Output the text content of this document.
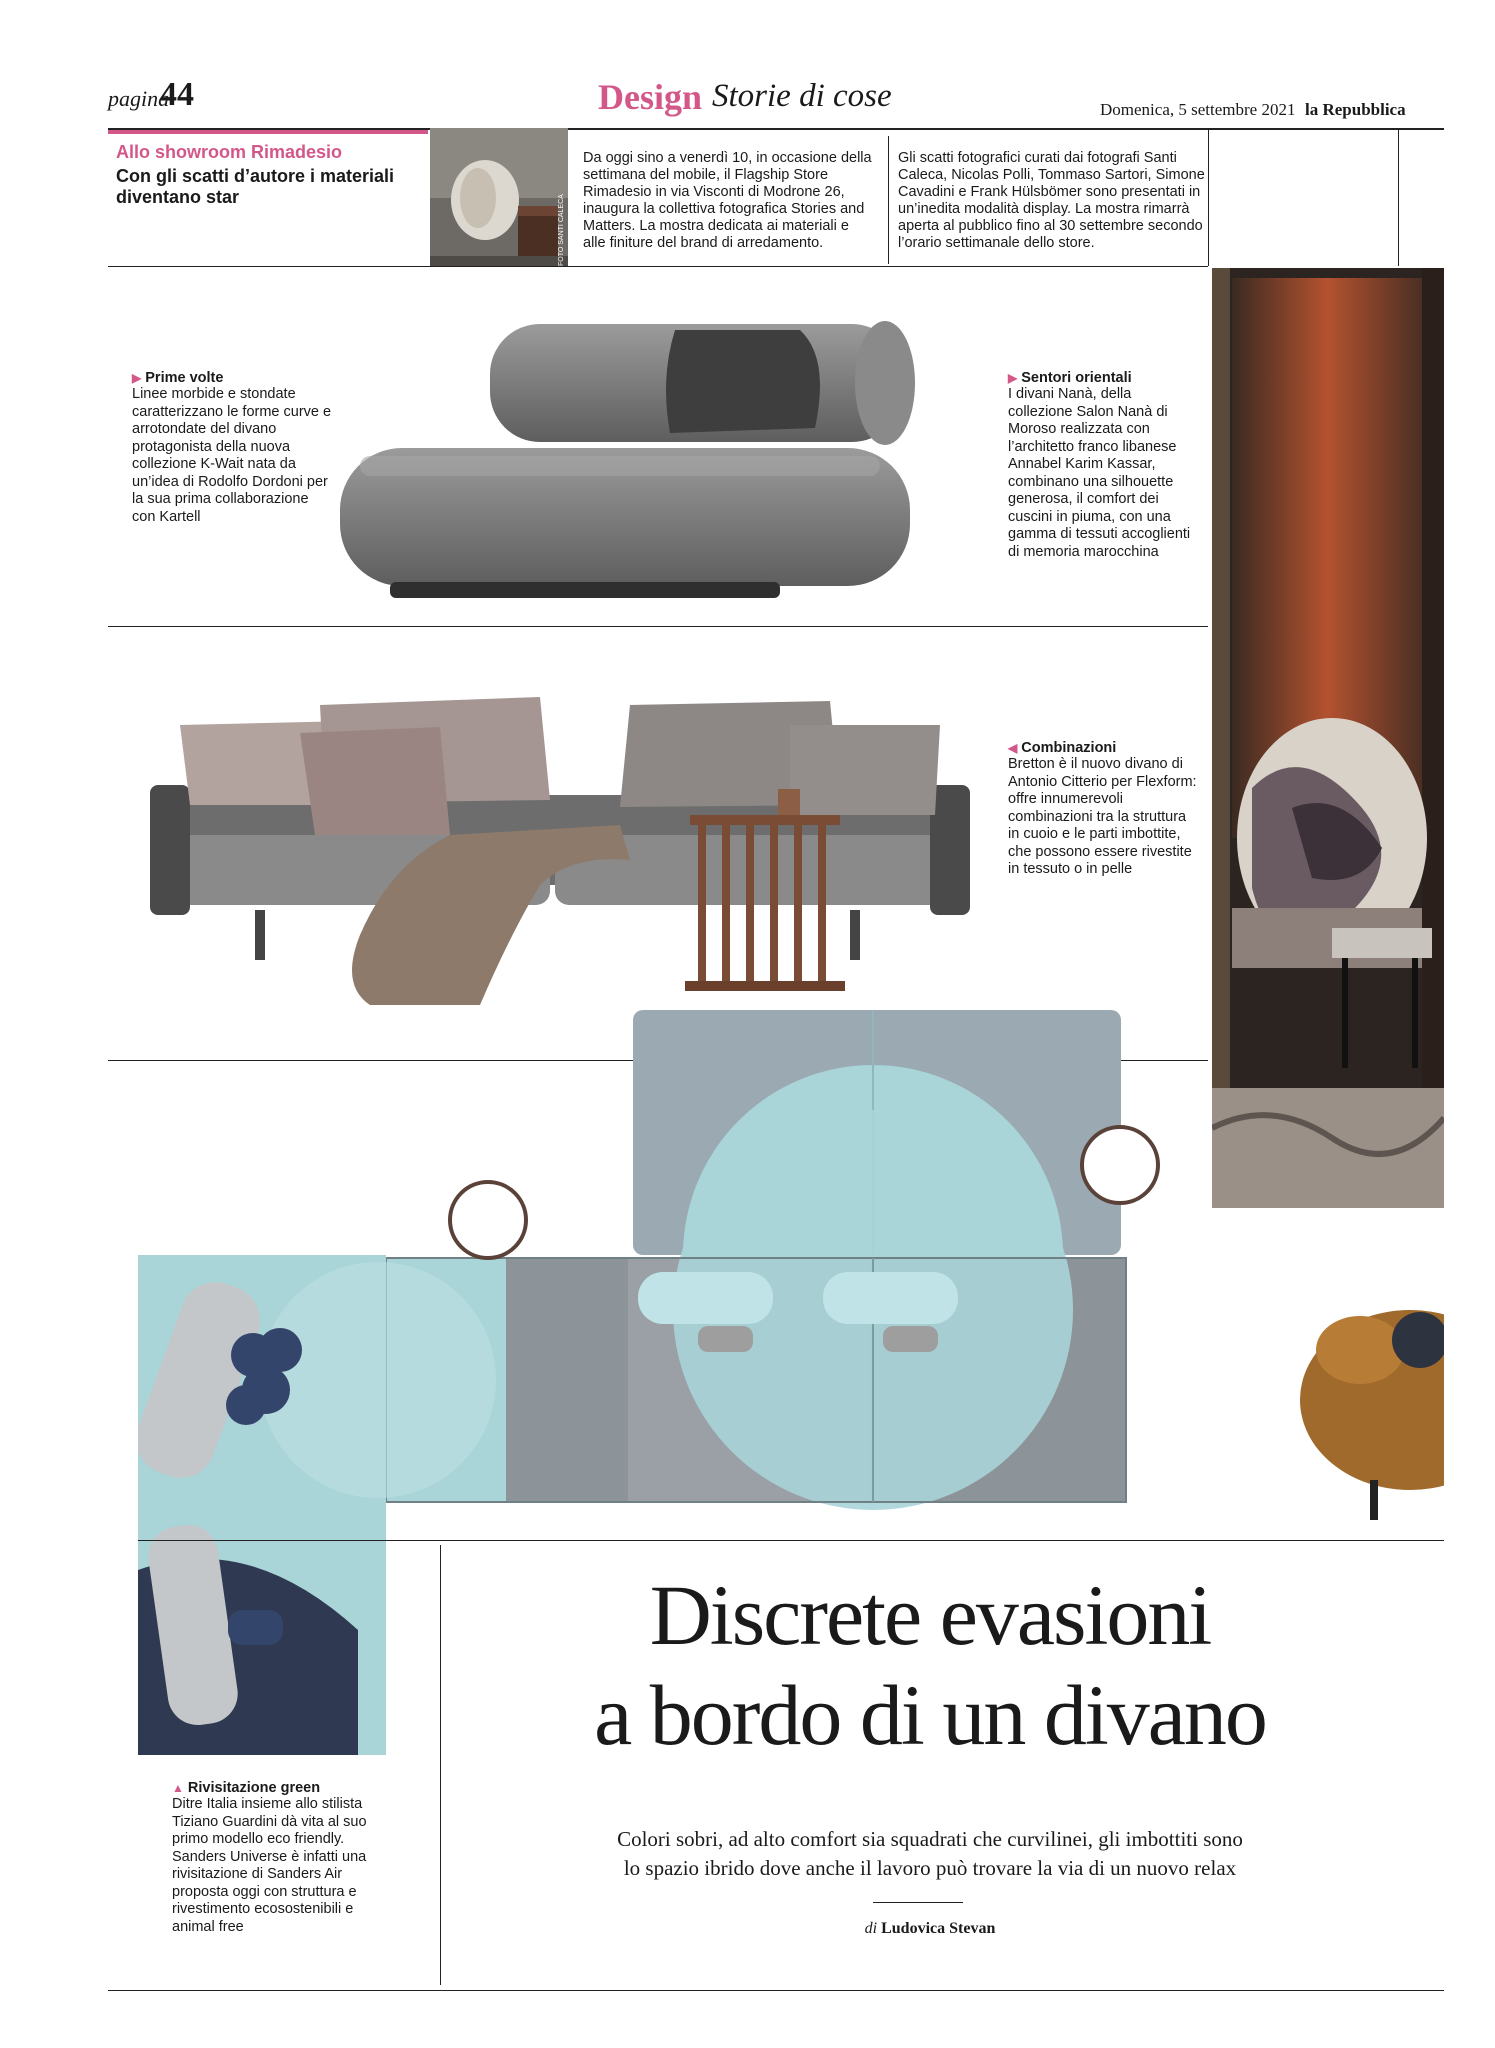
pagina
44	Design Storie di cose	Domenica, 5 settembre 2021 la Repubblica
Allo showroom Rimadesio
Con gli scatti d’autore i materiali diventano star	FOTO SANTI CALECA
Da oggi sino a venerdì 10, in occasione della settimana del mobile, il Flagship Store Rimadesio in via Visconti di Modrone 26, inaugura la collettiva fotografica Stories and Matters. La mostra dedicata ai materiali e alle finiture del brand di arredamento.
Gli scatti fotografici curati dai fotografi Santi Caleca, Nicolas Polli, Tommaso Sartori, Simone Cavadini e Frank Hülsbömer sono presentati in un’inedita modalità display. La mostra rimarrà aperta al pubblico fino al 30 settembre secondo l’orario settimanale dello store.
▶ Prime volte
Linee morbide e stondate caratterizzano le forme curve e arrotondate del divano protagonista della nuova collezione K-Wait nata da un’idea di Rodolfo Dordoni per la sua prima collaborazione con Kartell
▶ Sentori orientali
I divani Nanà, della collezione Salon Nanà di Moroso realizzata con l’architetto franco libanese Annabel Karim Kassar, combinano una silhouette generosa, il comfort dei cuscini in piuma, con una gamma di tessuti accoglienti di memoria marocchina
◀ Combinazioni
Bretton è il nuovo divano di Antonio Citterio per Flexform: offre innumerevoli combinazioni tra la struttura in cuoio e le parti imbottite, che possono essere rivestite in tessuto o in pelle
▲ Rivisitazione green
Ditre Italia insieme allo stilista Tiziano Guardini dà vita al suo primo modello eco friendly. Sanders Universe è infatti una rivisitazione di Sanders Air proposta oggi con struttura e rivestimento ecosostenibili e animal free
Discrete evasioni
a bordo di un divano
Colori sobri, ad alto comfort sia squadrati che curvilinei, gli imbottiti sono
lo spazio ibrido dove anche il lavoro può trovare la via di un nuovo relax
di Ludovica Stevan
